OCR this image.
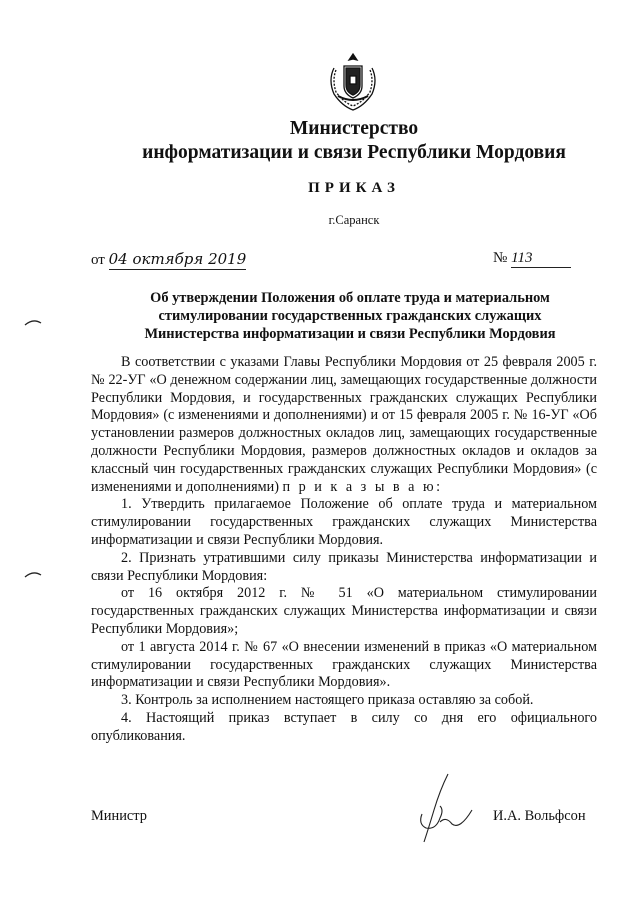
Министерство
информатизации и связи Республики Мордовия
ПРИКАЗ
г.Саранск
от 04 октября 2019	№ 113
Об утверждении Положения об оплате труда и материальном
стимулировании государственных гражданских служащих
Министерства информатизации и связи Республики Мордовия

В соответствии с указами Главы Республики Мордовия от 25 февраля 2005 г. № 22-УГ «О денежном содержании лиц, замещающих государственные должности Республики Мордовия, и государственных гражданских служащих Республики Мордовия» (с изменениями и дополнениями) и от 15 февраля 2005 г. № 16-УГ «Об установлении размеров должностных окладов лиц, замещающих государственные должности Республики Мордовия, размеров должностных окладов и окладов за классный чин государственных гражданских служащих Республики Мордовия» (с изменениями и дополнениями) п р и к а з ы в а ю:

1. Утвердить прилагаемое Положение об оплате труда и материальном стимулировании государственных гражданских служащих Министерства информатизации и связи Республики Мордовия.

2. Признать утратившими силу приказы Министерства информатизации и связи Республики Мордовия:

от 16 октября 2012 г. № 51 «О материальном стимулировании государственных гражданских служащих Министерства информатизации и связи Республики Мордовия»;

от 1 августа 2014 г. № 67 «О внесении изменений в приказ «О материальном стимулировании государственных гражданских служащих Министерства информатизации и связи Республики Мордовия».

3. Контроль за исполнением настоящего приказа оставляю за собой.

4. Настоящий приказ вступает в силу со дня его официального опубликования.

Министр	И.А. Вольфсон
